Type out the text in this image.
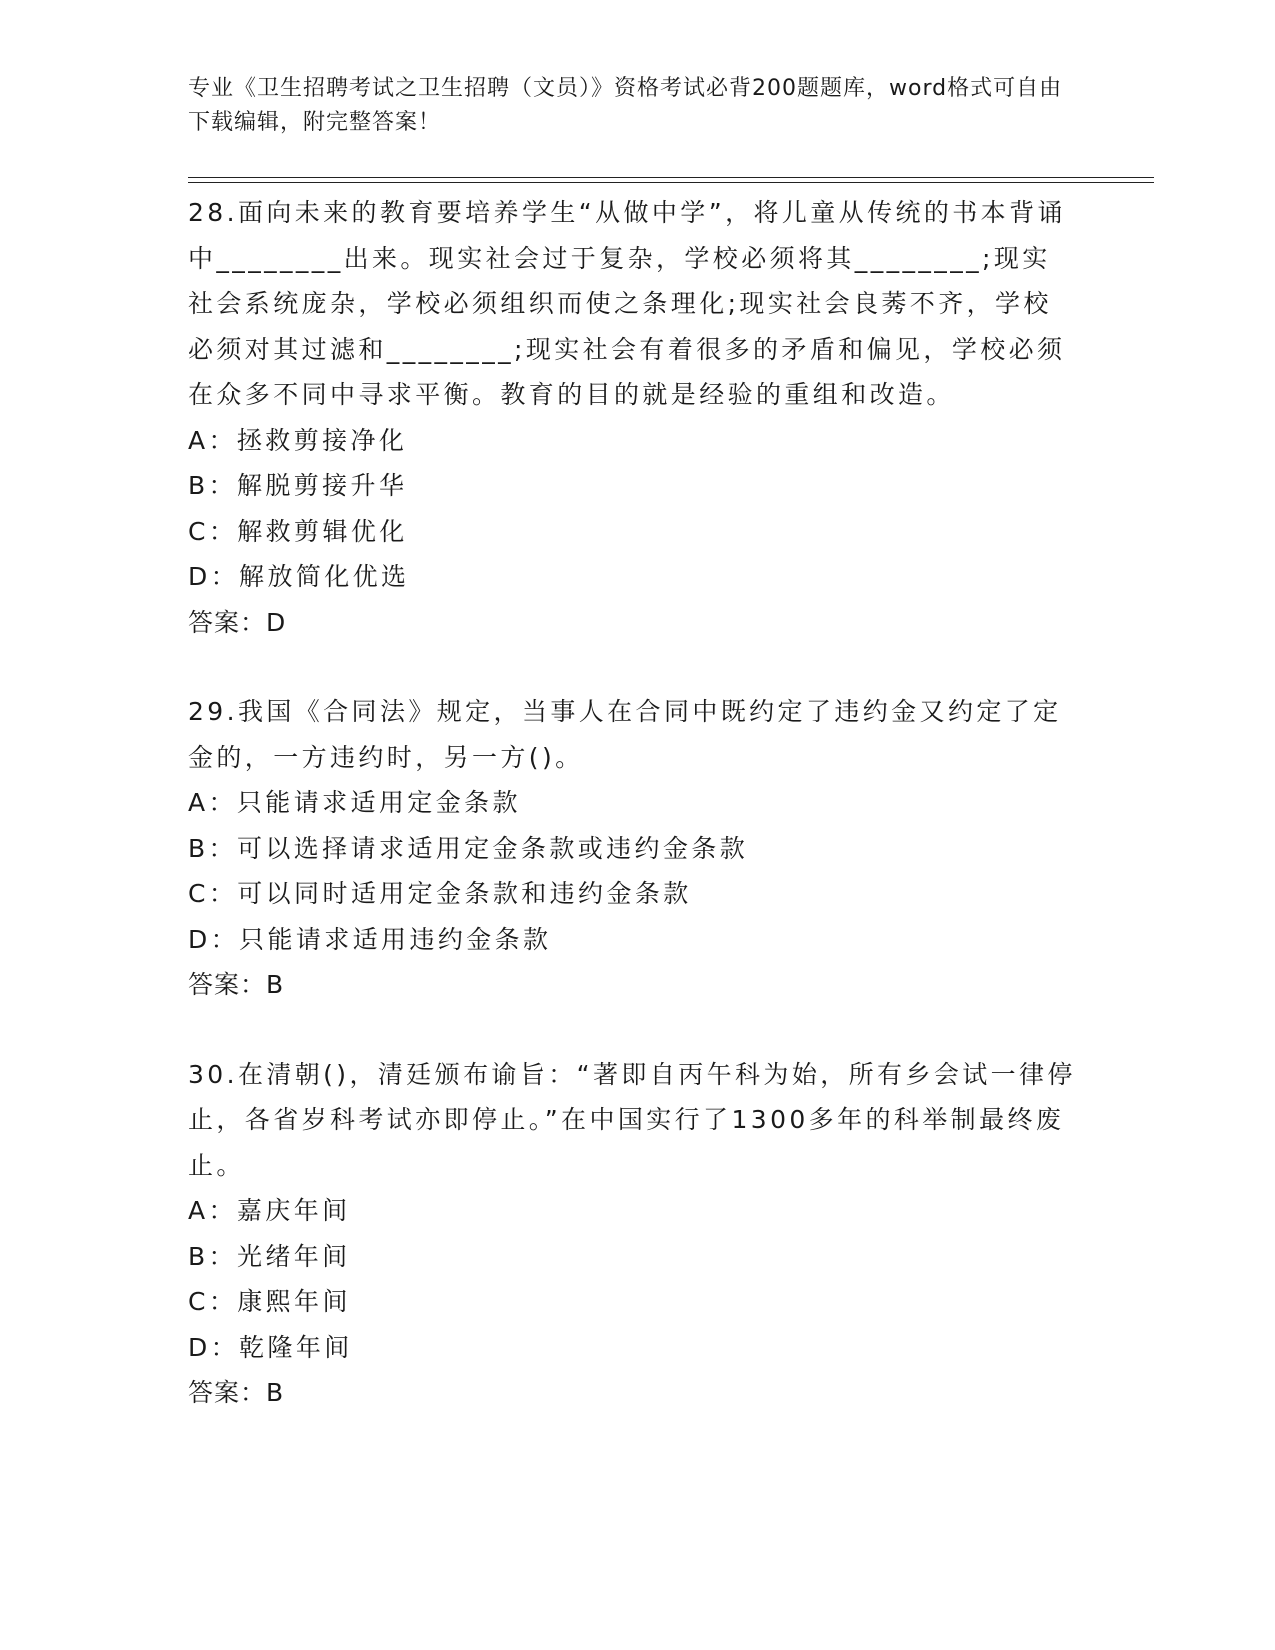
专业《卫生招聘考试之卫生招聘（文员）》资格考试必背200题题库，word格式可自由下载编辑，附完整答案！

28.面向未来的教育要培养学生“从做中学”，将儿童从传统的书本背诵中________出来。现实社会过于复杂，学校必须将其________;现实社会系统庞杂，学校必须组织而使之条理化;现实社会良莠不齐，学校必须对其过滤和________;现实社会有着很多的矛盾和偏见，学校必须在众多不同中寻求平衡。教育的目的就是经验的重组和改造。

A：拯救剪接净化

B：解脱剪接升华

C：解救剪辑优化

D：解放简化优选

答案：D

29.我国《合同法》规定，当事人在合同中既约定了违约金又约定了定金的，一方违约时，另一方()。

A：只能请求适用定金条款

B：可以选择请求适用定金条款或违约金条款

C：可以同时适用定金条款和违约金条款

D：只能请求适用违约金条款

答案：B

30.在清朝()，清廷颁布谕旨：“著即自丙午科为始，所有乡会试一律停止，各省岁科考试亦即停止。”在中国实行了1300多年的科举制最终废止。

A：嘉庆年间

B：光绪年间

C：康熙年间

D：乾隆年间

答案：B
